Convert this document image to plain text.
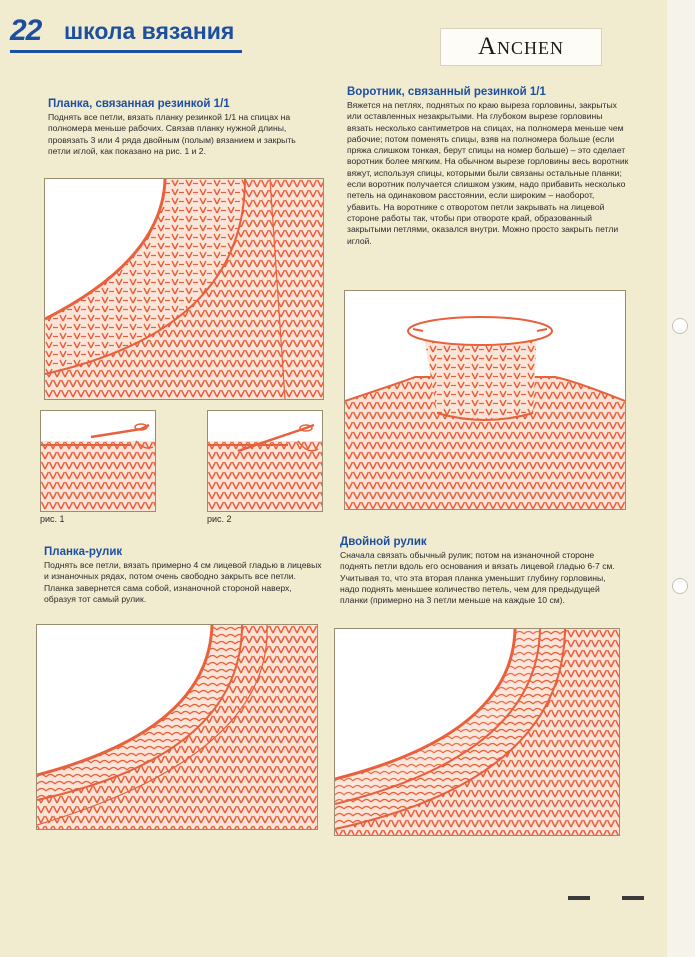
22 школа вязания
Anchen
Планка, связанная резинкой 1/1

Поднять все петли, вязать планку резинкой 1/1 на спицах на полномера меньше рабочих. Связав планку нужной длины, провязать 3 или 4 ряда двойным (полым) вязанием и закрыть петли иглой, как показано на рис. 1 и 2.

Воротник, связанный резинкой 1/1

Вяжется на петлях, поднятых по краю выреза горловины, закрытых или оставленных незакрытыми. На глубоком вырезе горловины вязать несколько сантиметров на спицах, на полномера меньше чем рабочие; потом поменять спицы, взяв на полномера больше (если пряжа слишком тонкая, берут спицы на номер больше) – это сделает воротник более мягким. На обычном вырезе горловины весь воротник вяжут, используя спицы, которыми были связаны остальные планки; если воротник получается слишком узким, надо прибавить несколько петель на одинаковом расстоянии, если широким – наоборот, убавить. На воротнике с отворотом петли закрывать на лицевой стороне работы так, чтобы при отвороте край, образованный закрытыми петлями, оказался внутри. Можно просто закрыть петли иглой.

рис. 1	рис. 2
Планка-рулик

Поднять все петли, вязать примерно 4 см лицевой гладью в лицевых и изнаночных рядах, потом очень свободно закрыть все петли. Планка завернется сама собой, изнаночной стороной наверх, образуя тот самый рулик.

Двойной рулик

Сначала связать обычный рулик; потом на изнаночной стороне поднять петли вдоль его основания и вязать лицевой гладью 6-7 см. Учитывая то, что эта вторая планка уменьшит глубину горловины, надо поднять меньшее количество петель, чем для предыдущей планки (примерно на 3 петли меньше на каждые 10 см).
